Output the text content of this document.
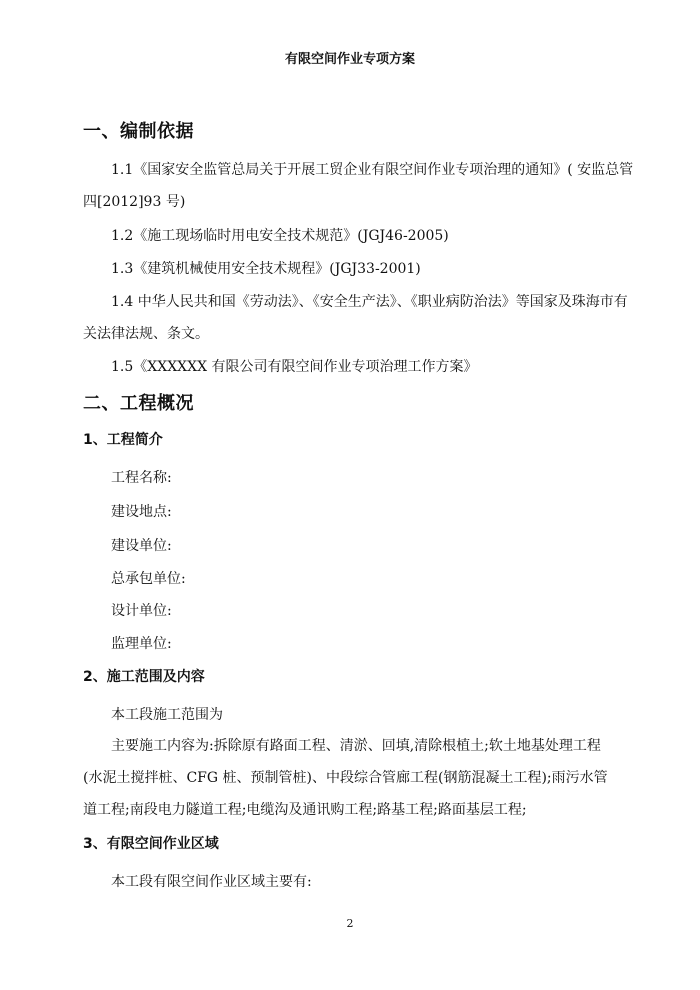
有限空间作业专项方案
一、编制依据
1.1《国家安全监管总局关于开展工贸企业有限空间作业专项治理的通知》( 安监总管
四[2012]93 号)
1.2《施工现场临时用电安全技术规范》(JGJ46-2005)
1.3《建筑机械使用安全技术规程》(JGJ33-2001)
1.4 中华人民共和国《劳动法》、《安全生产法》、《职业病防治法》等国家及珠海市有
关法律法规、条文。
1.5《XXXXXX 有限公司有限空间作业专项治理工作方案》
二、工程概况
1、工程简介
工程名称:
建设地点:
建设单位:
总承包单位:
设计单位:
监理单位:
2、施工范围及内容
本工段施工范围为
主要施工内容为:拆除原有路面工程、清淤、回填,清除根植土;软土地基处理工程
(水泥土搅拌桩、CFG 桩、预制管桩)、中段综合管廊工程(钢筋混凝土工程);雨污水管
道工程;南段电力隧道工程;电缆沟及通讯购工程;路基工程;路面基层工程;
3、有限空间作业区域
本工段有限空间作业区域主要有:
2
